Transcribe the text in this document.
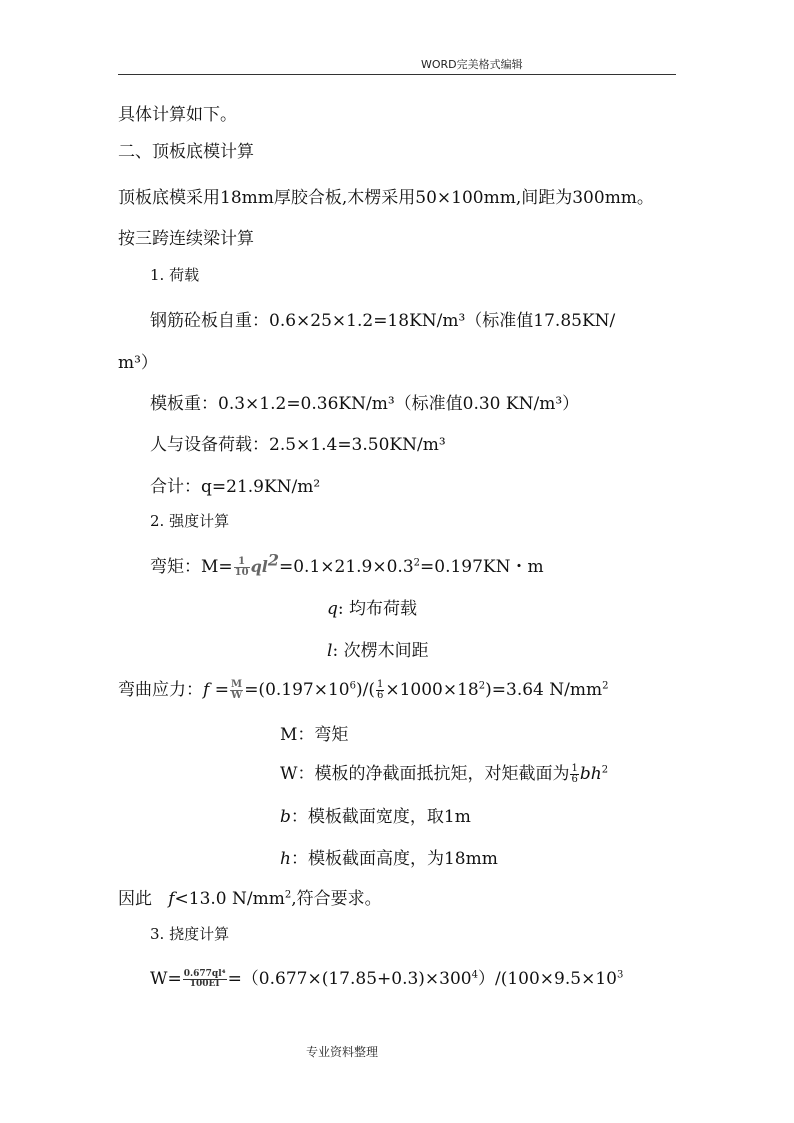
WORD完美格式编辑
具体计算如下。
二、顶板底模计算
顶板底模采用18mm厚胶合板,木楞采用50×100mm,间距为300mm。
按三跨连续梁计算
1. 荷载
钢筋砼板自重：0.6×25×1.2=18KN/m³（标准值17.85KN/
m³）
模板重：0.3×1.2=0.36KN/m³（标准值0.30 KN/m³）
人与设备荷载：2.5×1.4=3.50KN/m³
合计：q=21.9KN/m²
2. 强度计算
弯矩：$M= \frac{1}{10} ql^2=0.1\times 21.9\times 0.3^2=0.197KN$・m
q: 均布荷载
l: 次楞木间距
弯曲应力：$f = \frac{M}{W} =(0.197\times 10^6)/( \frac{1}{6} \times 1000\times 18^2)=3.64$ $N/mm^2$
M：弯矩
W：模板的净截面抵抗矩，对矩截面为 $\frac{1}{6} bh^2$
b：模板截面宽度，取1m
h：模板截面高度，为18mm
因此 f<13.0 $N/mm^2$,符合要求。
3. 挠度计算
$W= \frac{\text{0.677ql⁴}}{100EI} =(0.677\times(17.85+0.3)\times 300^4)/(100\times 9.5\times 10^3$
专业资料整理
